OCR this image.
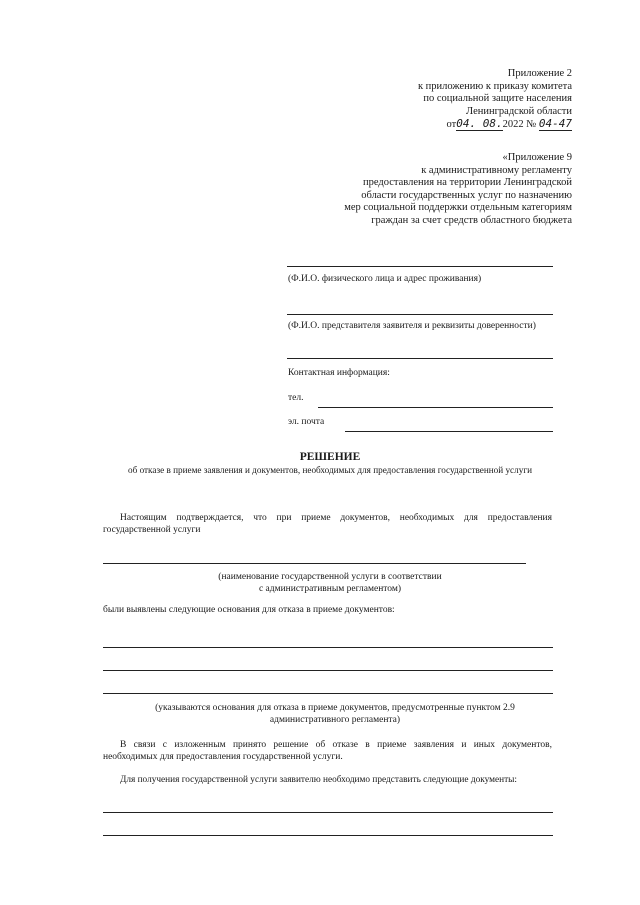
Приложение 2
к приложению к приказу комитета
по социальной защите населения
Ленинградской области
от04. 08.2022 № 04-47
«Приложение 9
к административному регламенту
предоставления на территории Ленинградской
области государственных услуг по назначению
мер социальной поддержки отдельным категориям
граждан за счет средств областного бюджета
(Ф.И.О. физического лица и адрес проживания)
(Ф.И.О. представителя заявителя и реквизиты доверенности)
Контактная информация:
тел.
эл. почта
РЕШЕНИЕ
об отказе в приеме заявления и документов, необходимых для предоставления государственной услуги
Настоящим подтверждается, что при приеме документов, необходимых для предоставления
государственной услуги
(наименование государственной услуги в соответствии
с административным регламентом)
были выявлены следующие основания для отказа в приеме документов:
(указываются основания для отказа в приеме документов, предусмотренные пунктом 2.9
административного регламента)
В связи с изложенным принято решение об отказе в приеме заявления и иных документов,
необходимых для предоставления государственной услуги.
Для получения государственной услуги заявителю необходимо представить следующие документы:
